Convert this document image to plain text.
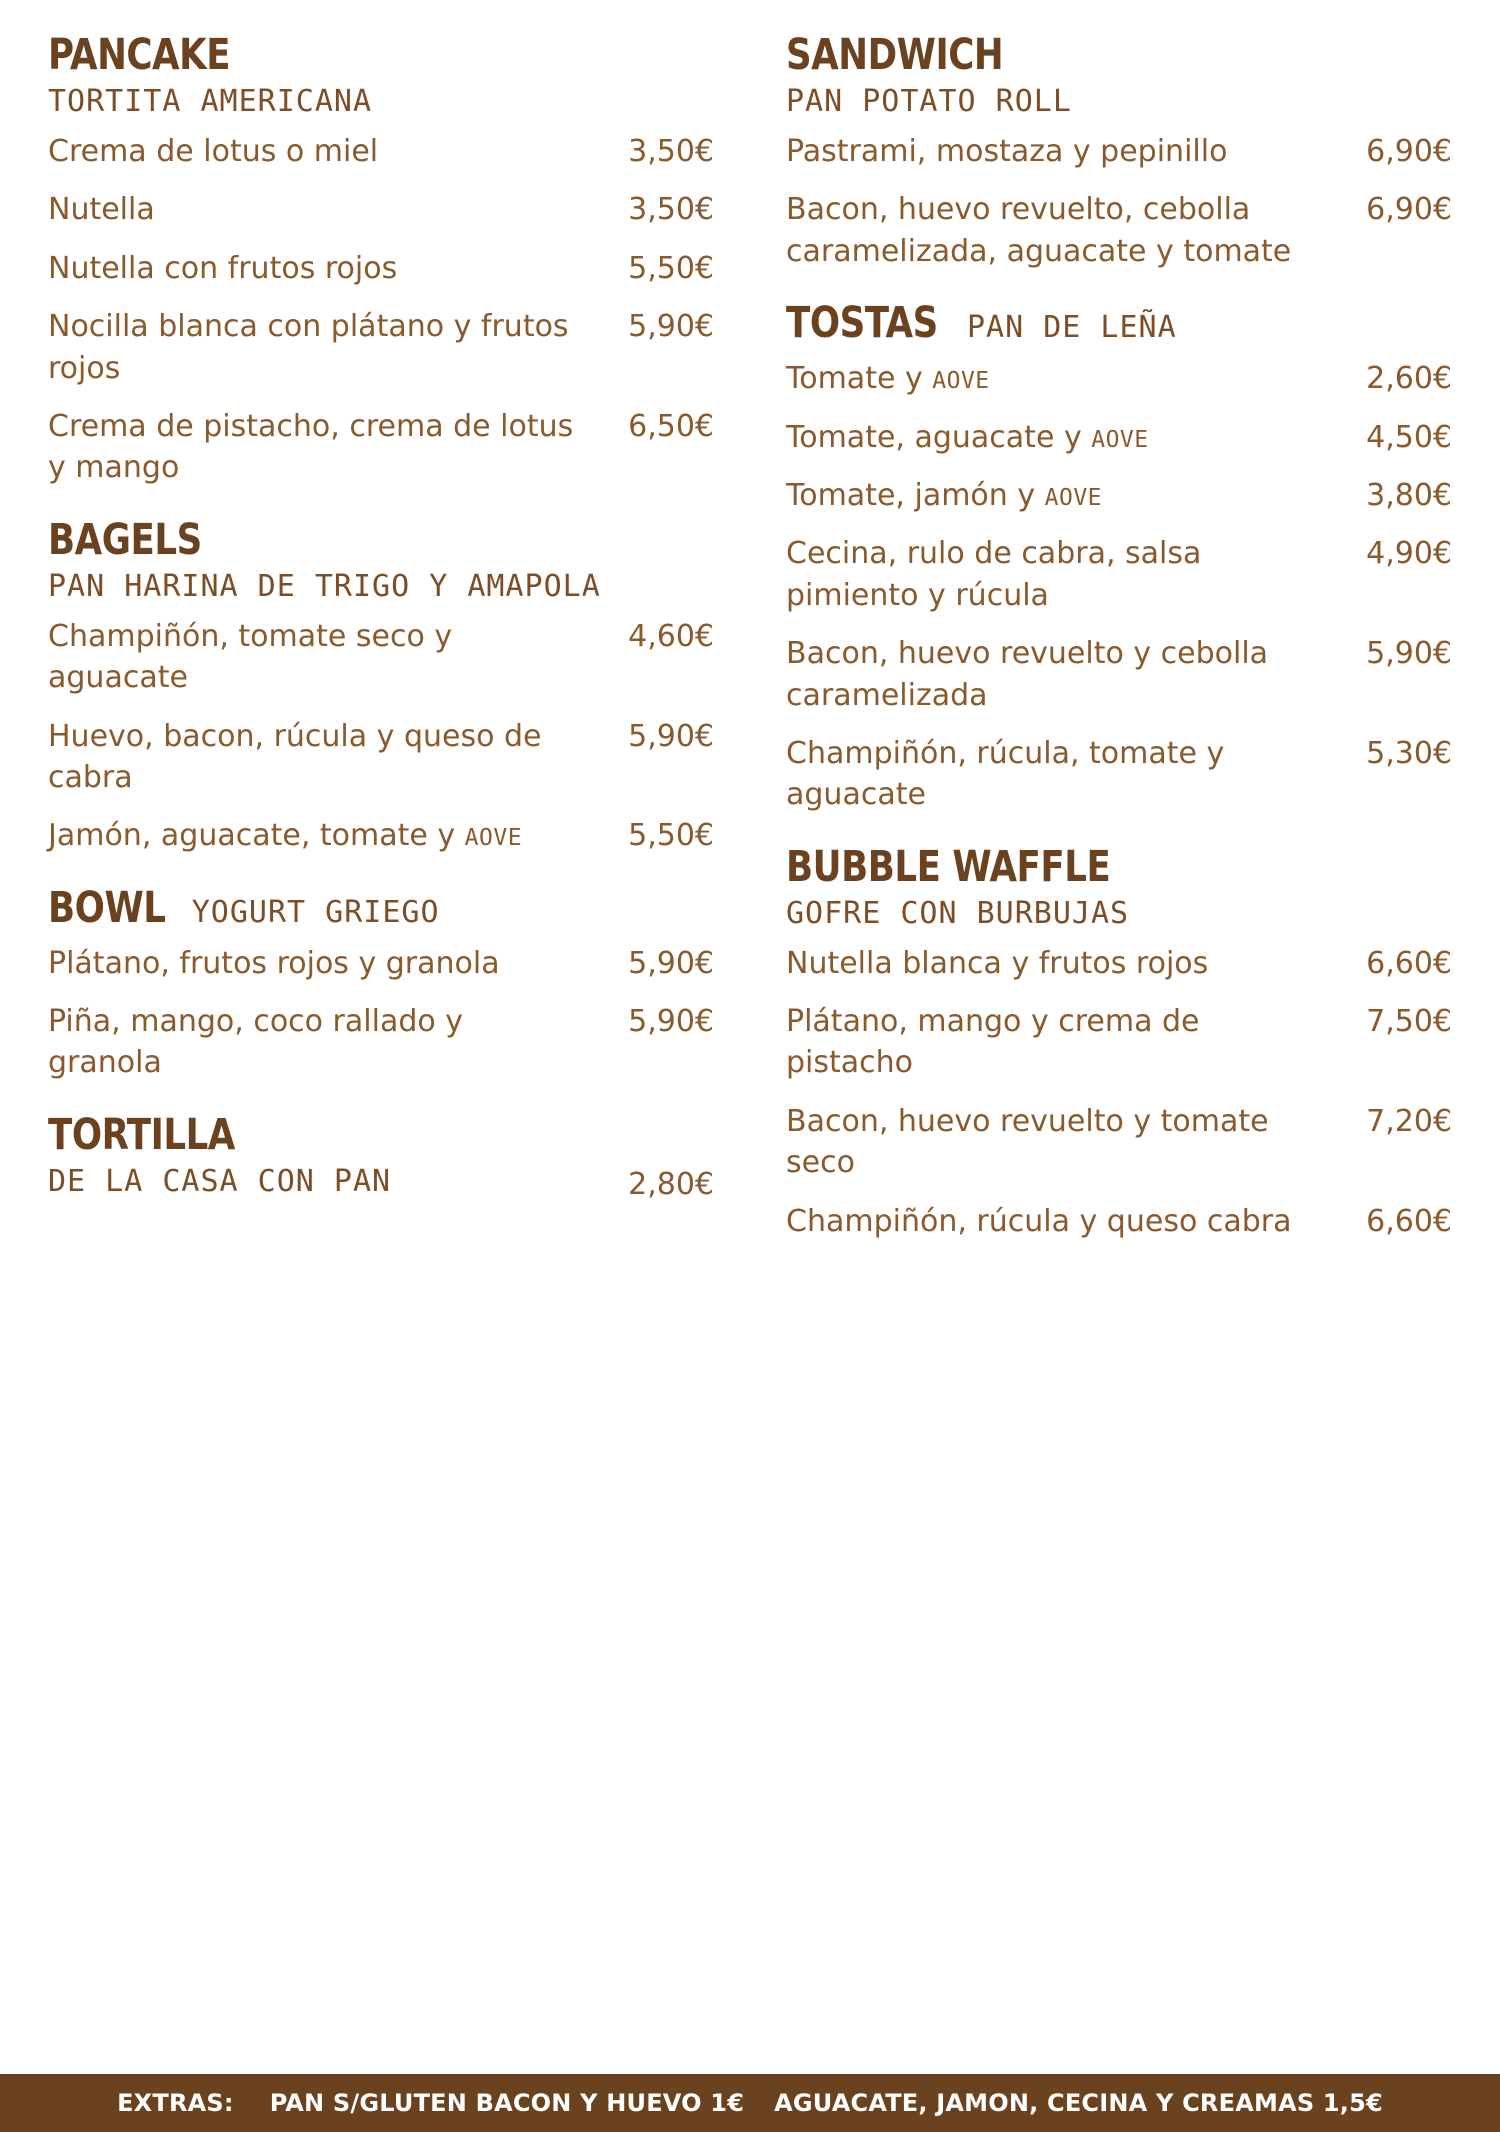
PANCAKE
TORTITA AMERICANA
Crema de lotus o miel	3,50€
Nutella	3,50€
Nutella con frutos rojos	5,50€
Nocilla blanca con plátano y frutos rojos
5,90€
Crema de pistacho, crema de lotus y mango
6,50€
BAGELS
PAN HARINA DE TRIGO Y AMAPOLA
Champiñón, tomate seco y aguacate
4,60€
Huevo, bacon, rúcula y queso de cabra
5,90€
Jamón, aguacate, tomate y AOVE	5,50€
BOWL YOGURT GRIEGO
Plátano, frutos rojos y granola	5,90€
Piña, mango, coco rallado y granola
5,90€
TORTILLA
DE LA CASA CON PAN	2,80€
SANDWICH
PAN POTATO ROLL
Pastrami, mostaza y pepinillo	6,90€
Bacon, huevo revuelto, cebolla caramelizada, aguacate y tomate
6,90€
TOSTAS PAN DE LEÑA
Tomate y AOVE	2,60€
Tomate, aguacate y AOVE	4,50€
Tomate, jamón y AOVE	3,80€
Cecina, rulo de cabra, salsa pimiento y rúcula
4,90€
Bacon, huevo revuelto y cebolla caramelizada
5,90€
Champiñón, rúcula, tomate y aguacate
5,30€
BUBBLE WAFFLE
GOFRE CON BURBUJAS
Nutella blanca y frutos rojos	6,60€
Plátano, mango y crema de pistacho
7,50€
Bacon, huevo revuelto y tomate seco
7,20€
Champiñón, rúcula y queso cabra	6,60€
EXTRAS: PAN S/GLUTEN BACON Y HUEVO 1€ AGUACATE, JAMON, CECINA Y CREAMAS 1,5€
